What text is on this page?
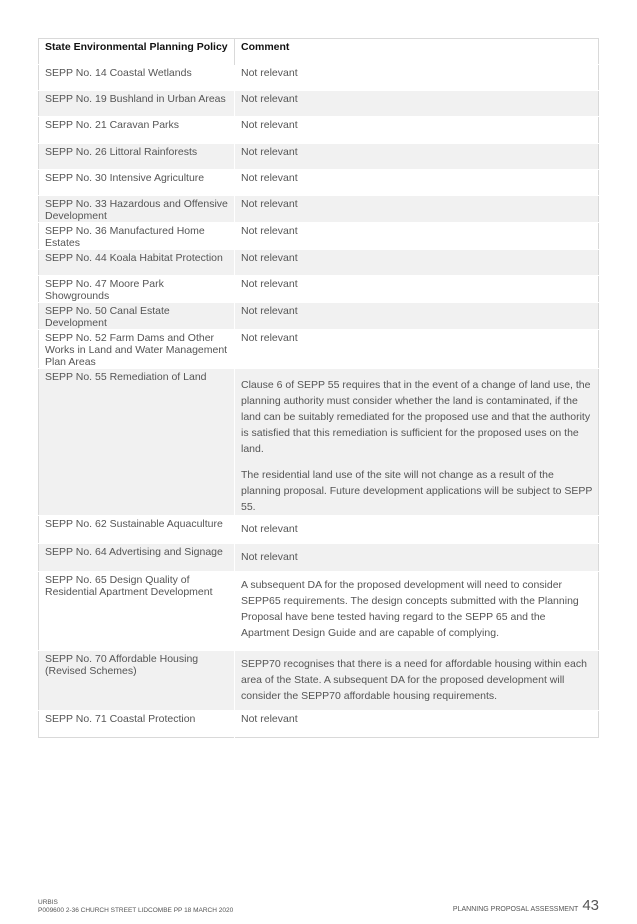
State Environmental Planning Policy	Comment
SEPP No. 14 Coastal Wetlands	Not relevant

SEPP No. 19 Bushland in Urban Areas	Not relevant

SEPP No. 21 Caravan Parks	Not relevant

SEPP No. 26 Littoral Rainforests	Not relevant

SEPP No. 30 Intensive Agriculture	Not relevant

SEPP No. 33 Hazardous and Offensive Development	Not relevant

SEPP No. 36 Manufactured Home Estates	Not relevant

SEPP No. 44 Koala Habitat Protection	Not relevant

SEPP No. 47 Moore Park Showgrounds	Not relevant

SEPP No. 50 Canal Estate Development	Not relevant

SEPP No. 52 Farm Dams and Other Works in Land and Water Management Plan Areas	Not relevant

SEPP No. 55 Remediation of Land	Clause 6 of SEPP 55 requires that in the event of a change of land use, the planning authority must consider whether the land is contaminated, if the land can be suitably remediated for the proposed use and that the authority is satisfied that this remediation is sufficient for the proposed uses on the land.

The residential land use of the site will not change as a result of the planning proposal. Future development applications will be subject to SEPP 55.

SEPP No. 62 Sustainable Aquaculture	Not relevant

SEPP No. 64 Advertising and Signage	Not relevant

SEPP No. 65 Design Quality of Residential Apartment Development	A subsequent DA for the proposed development will need to consider SEPP65 requirements. The design concepts submitted with the Planning Proposal have bene tested having regard to the SEPP 65 and the Apartment Design Guide and are capable of complying.

SEPP No. 70 Affordable Housing (Revised Schemes)	SEPP70 recognises that there is a need for affordable housing within each area of the State. A subsequent DA for the proposed development will consider the SEPP70 affordable housing requirements.

SEPP No. 71 Coastal Protection	Not relevant

URBIS
P009600 2-36 CHURCH STREET LIDCOMBE PP 18 MARCH 2020	PLANNING PROPOSAL ASSESSMENT 43
